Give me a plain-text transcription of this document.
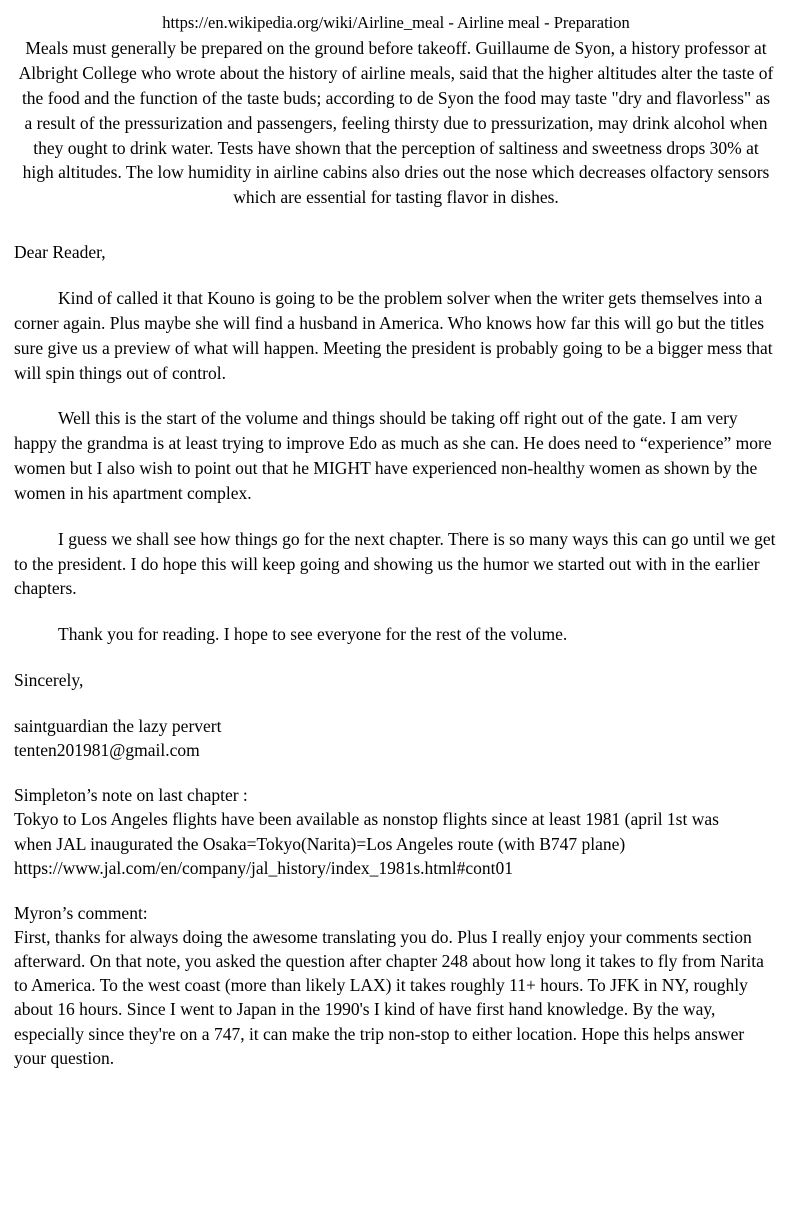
https://en.wikipedia.org/wiki/Airline_meal - Airline meal - Preparation
Meals must generally be prepared on the ground before takeoff. Guillaume de Syon, a history professor at Albright College who wrote about the history of airline meals, said that the higher altitudes alter the taste of the food and the function of the taste buds; according to de Syon the food may taste "dry and flavorless" as a result of the pressurization and passengers, feeling thirsty due to pressurization, may drink alcohol when they ought to drink water. Tests have shown that the perception of saltiness and sweetness drops 30% at high altitudes. The low humidity in airline cabins also dries out the nose which decreases olfactory sensors which are essential for tasting flavor in dishes.
Dear Reader,
Kind of called it that Kouno is going to be the problem solver when the writer gets themselves into a corner again. Plus maybe she will find a husband in America. Who knows how far this will go but the titles sure give us a preview of what will happen. Meeting the president is probably going to be a bigger mess that will spin things out of control.
Well this is the start of the volume and things should be taking off right out of the gate. I am very happy the grandma is at least trying to improve Edo as much as she can. He does need to “experience” more women but I also wish to point out that he MIGHT have experienced non-healthy women as shown by the women in his apartment complex.
I guess we shall see how things go for the next chapter. There is so many ways this can go until we get to the president. I do hope this will keep going and showing us the humor we started out with in the earlier chapters.
Thank you for reading. I hope to see everyone for the rest of the volume.
Sincerely,
saintguardian the lazy pervert
tenten201981@gmail.com
Simpleton’s note on last chapter :
Tokyo to Los Angeles flights have been available as nonstop flights since at least 1981 (april 1st was
when JAL inaugurated the Osaka=Tokyo(Narita)=Los Angeles route (with B747 plane)
https://www.jal.com/en/company/jal_history/index_1981s.html#cont01
Myron’s comment:
First, thanks for always doing the awesome translating you do. Plus I really enjoy your comments section afterward. On that note, you asked the question after chapter 248 about how long it takes to fly from Narita to America. To the west coast (more than likely LAX) it takes roughly 11+ hours. To JFK in NY, roughly about 16 hours. Since I went to Japan in the 1990's I kind of have first hand knowledge. By the way, especially since they're on a 747, it can make the trip non-stop to either location. Hope this helps answer your question.
